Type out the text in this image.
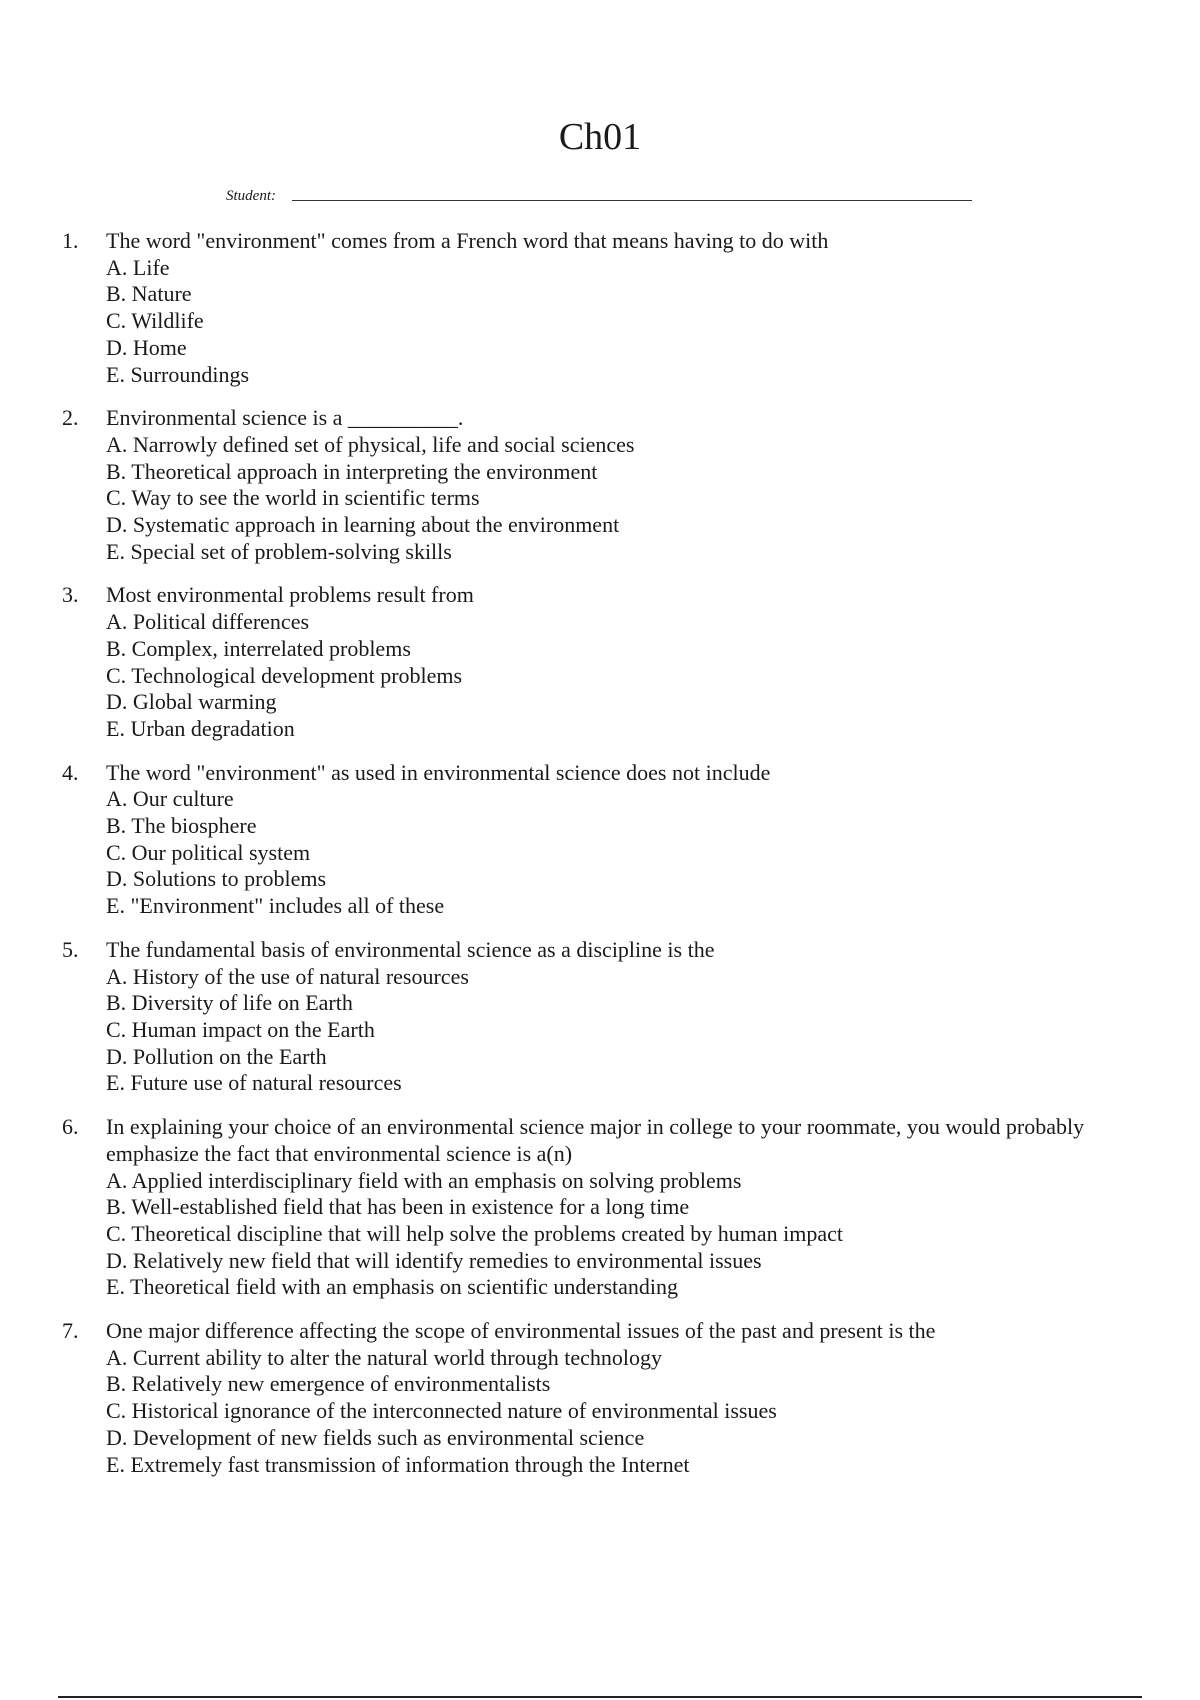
Ch01
Student:
1. The word "environment" comes from a French word that means having to do with
A. Life
B. Nature
C. Wildlife
D. Home
E. Surroundings
2. Environmental science is a __________.
A. Narrowly defined set of physical, life and social sciences
B. Theoretical approach in interpreting the environment
C. Way to see the world in scientific terms
D. Systematic approach in learning about the environment
E. Special set of problem-solving skills
3. Most environmental problems result from
A. Political differences
B. Complex, interrelated problems
C. Technological development problems
D. Global warming
E. Urban degradation
4. The word "environment" as used in environmental science does not include
A. Our culture
B. The biosphere
C. Our political system
D. Solutions to problems
E. "Environment" includes all of these
5. The fundamental basis of environmental science as a discipline is the
A. History of the use of natural resources
B. Diversity of life on Earth
C. Human impact on the Earth
D. Pollution on the Earth
E. Future use of natural resources
6. In explaining your choice of an environmental science major in college to your roommate, you would probably emphasize the fact that environmental science is a(n)
A. Applied interdisciplinary field with an emphasis on solving problems
B. Well-established field that has been in existence for a long time
C. Theoretical discipline that will help solve the problems created by human impact
D. Relatively new field that will identify remedies to environmental issues
E. Theoretical field with an emphasis on scientific understanding
7. One major difference affecting the scope of environmental issues of the past and present is the
A. Current ability to alter the natural world through technology
B. Relatively new emergence of environmentalists
C. Historical ignorance of the interconnected nature of environmental issues
D. Development of new fields such as environmental science
E. Extremely fast transmission of information through the Internet
